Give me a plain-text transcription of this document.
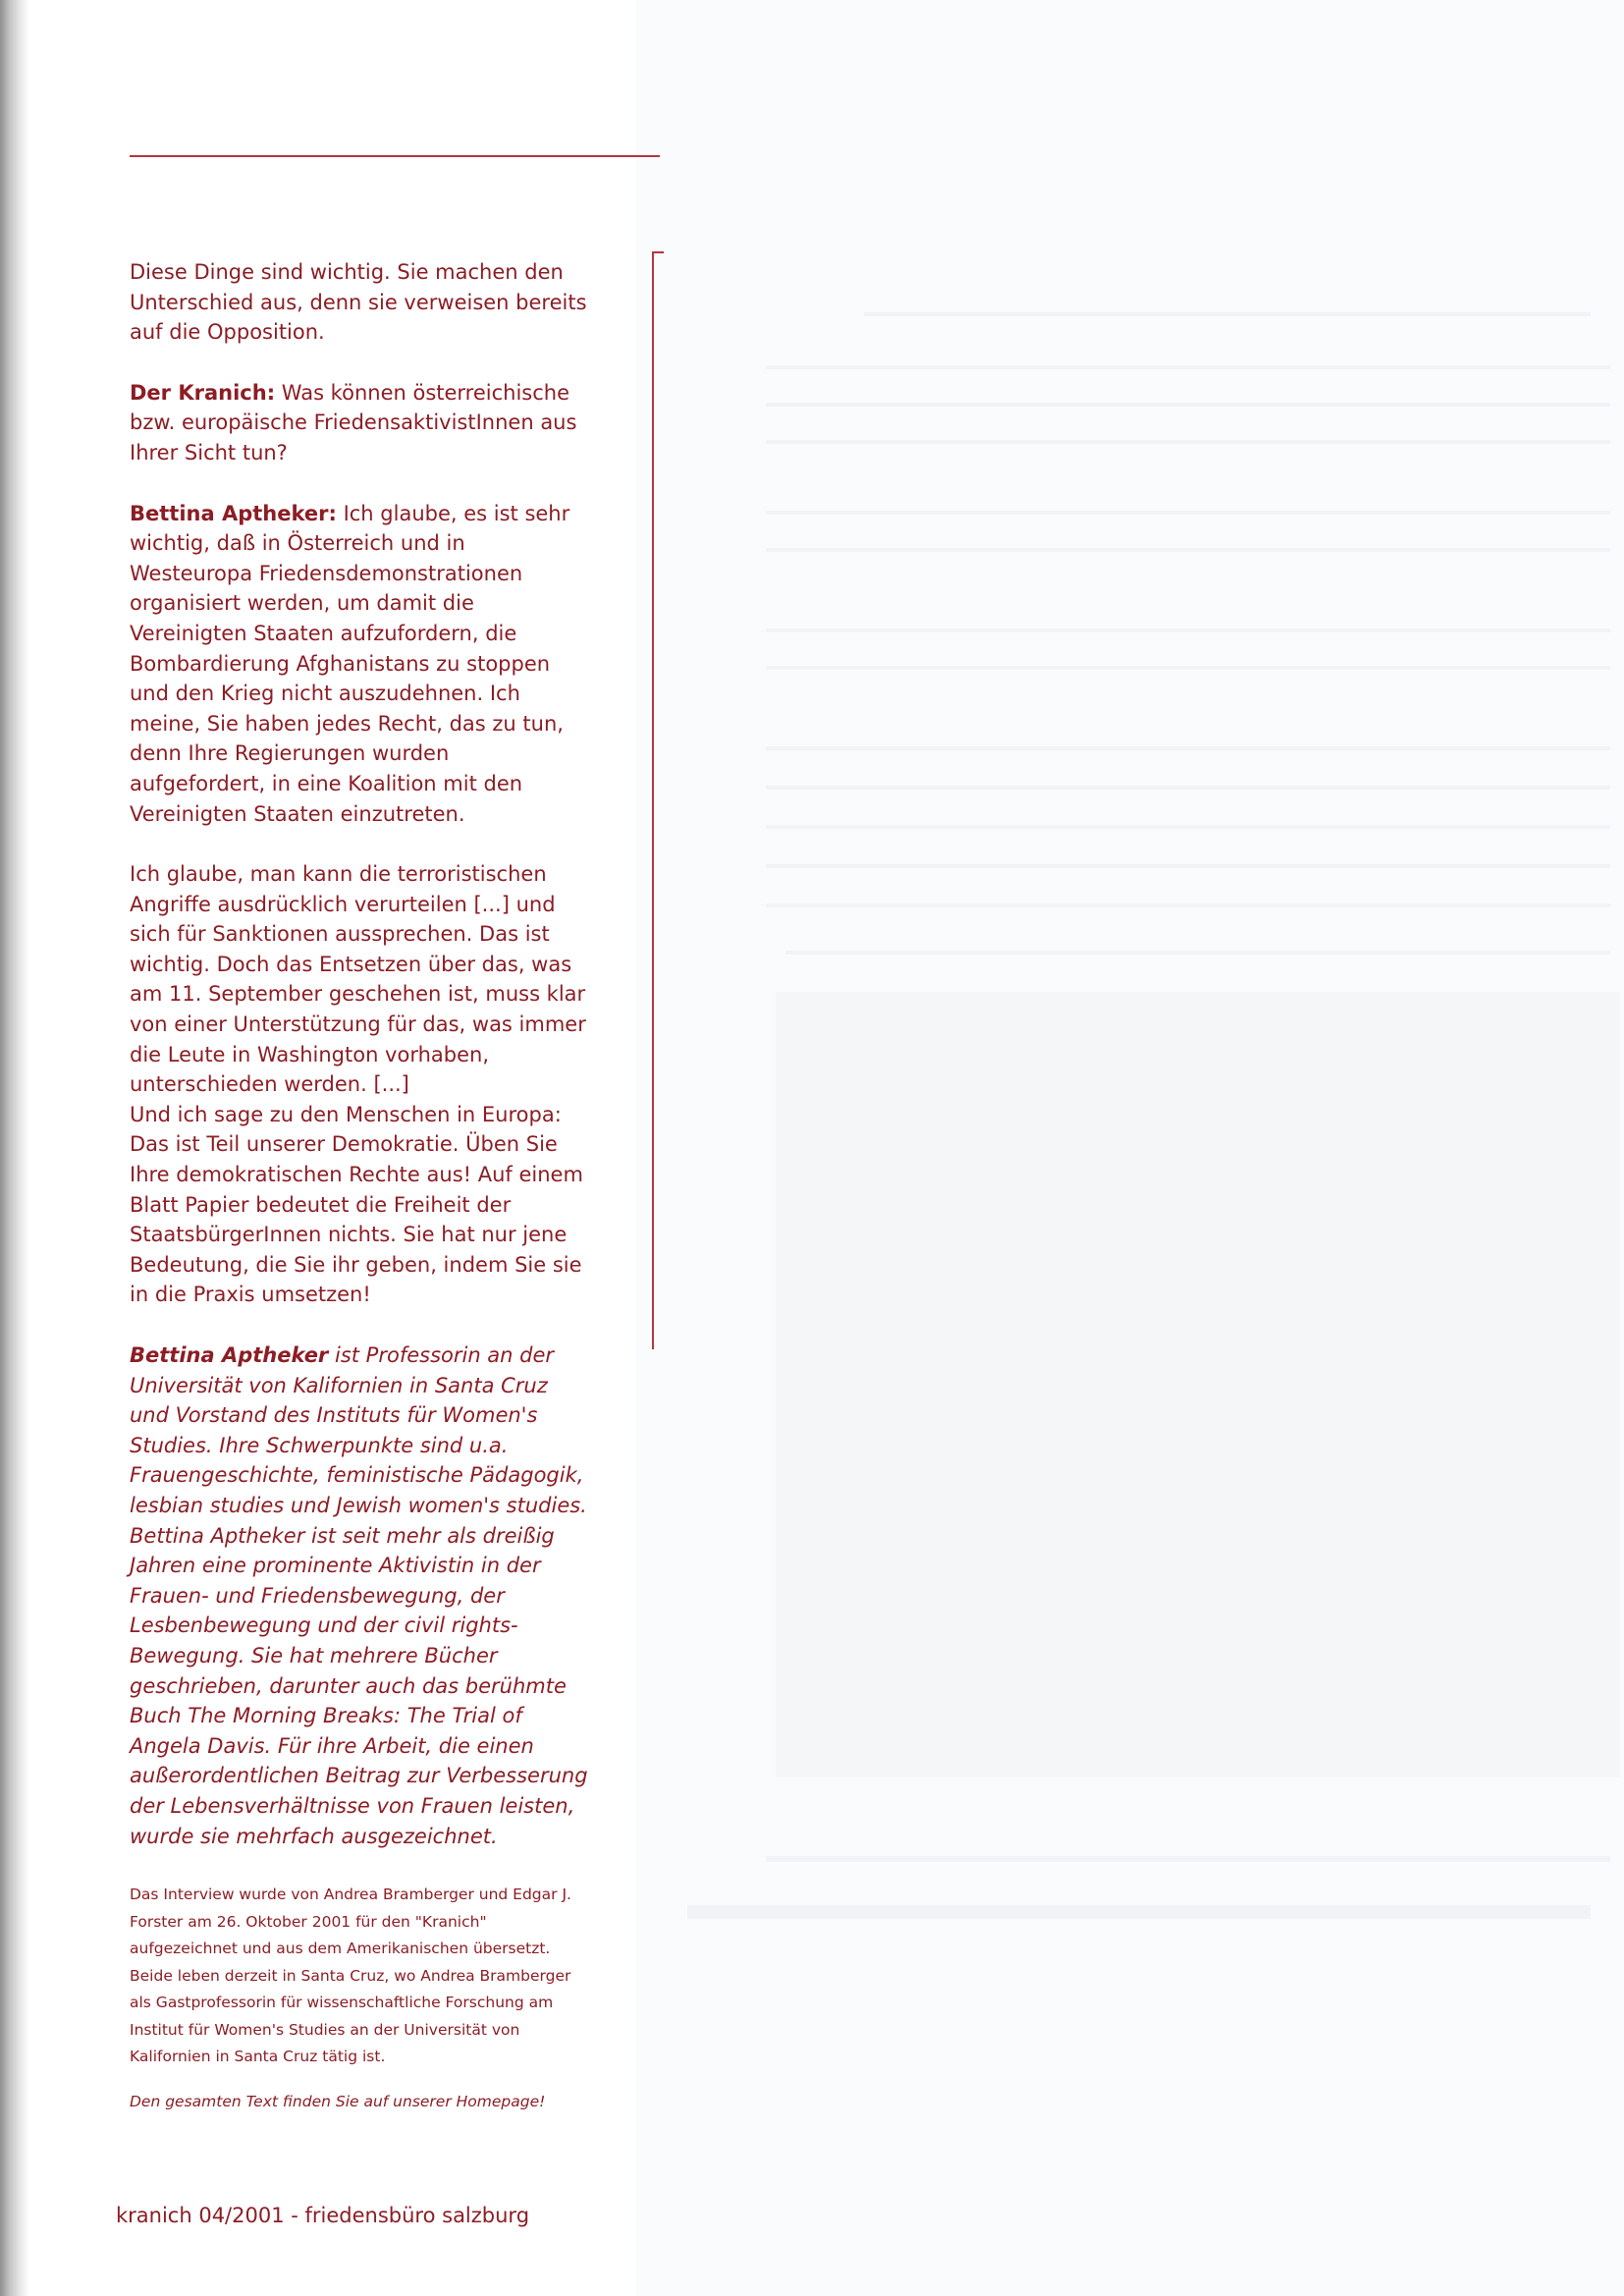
Diese Dinge sind wichtig. Sie machen den Unterschied aus, denn sie verweisen bereits auf die Opposition.

Der Kranich: Was können österreichische bzw. europäische FriedensaktivistInnen aus Ihrer Sicht tun?

Bettina Aptheker: Ich glaube, es ist sehr wichtig, daß in Österreich und in Westeuropa Friedensdemonstrationen organisiert werden, um damit die Vereinigten Staaten aufzufordern, die Bombardierung Afghanistans zu stoppen und den Krieg nicht auszudehnen. Ich meine, Sie haben jedes Recht, das zu tun, denn Ihre Regierungen wurden aufgefordert, in eine Koalition mit den Vereinigten Staaten einzutreten.

Ich glaube, man kann die terroristischen Angriffe ausdrücklich verurteilen [...] und sich für Sanktionen aussprechen. Das ist wichtig. Doch das Entsetzen über das, was am 11. September geschehen ist, muss klar von einer Unterstützung für das, was immer die Leute in Washington vorhaben, unterschieden werden. [...]

Und ich sage zu den Menschen in Europa: Das ist Teil unserer Demokratie. Üben Sie Ihre demokratischen Rechte aus! Auf einem Blatt Papier bedeutet die Freiheit der StaatsbürgerInnen nichts. Sie hat nur jene Bedeutung, die Sie ihr geben, indem Sie sie in die Praxis umsetzen!

Bettina Aptheker ist Professorin an der Universität von Kalifornien in Santa Cruz und Vorstand des Instituts für Women's Studies. Ihre Schwerpunkte sind u.a. Frauengeschichte, feministische Pädagogik, lesbian studies und Jewish women's studies. Bettina Aptheker ist seit mehr als dreißig Jahren eine prominente Aktivistin in der Frauen- und Friedensbewegung, der Lesbenbewegung und der civil rights-Bewegung. Sie hat mehrere Bücher geschrieben, darunter auch das berühmte Buch The Morning Breaks: The Trial of Angela Davis. Für ihre Arbeit, die einen außerordentlichen Beitrag zur Verbesserung der Lebensverhältnisse von Frauen leisten, wurde sie mehrfach ausgezeichnet.

Das Interview wurde von Andrea Bramberger und Edgar J. Forster am 26. Oktober 2001 für den "Kranich" aufgezeichnet und aus dem Amerikanischen übersetzt. Beide leben derzeit in Santa Cruz, wo Andrea Bramberger als Gastprofessorin für wissenschaftliche Forschung am Institut für Women's Studies an der Universität von Kalifornien in Santa Cruz tätig ist.

Den gesamten Text finden Sie auf unserer Homepage!

kranich 04/2001 - friedensbüro salzburg
